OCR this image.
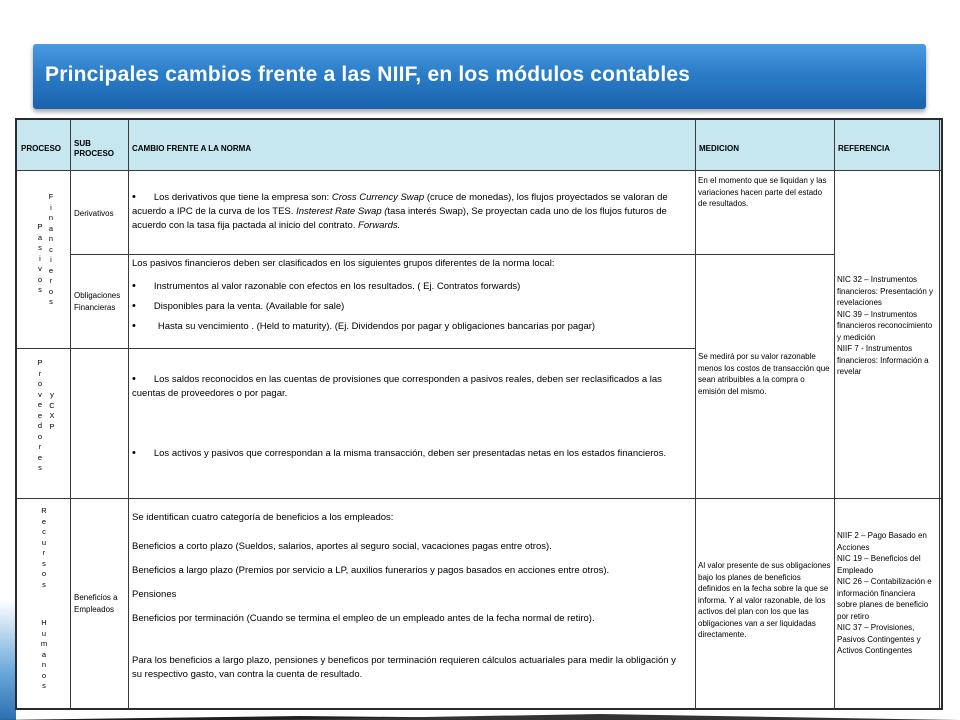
Principales cambios frente a las NIIF, en los módulos contables
PROCESO
SUB
PROCESO
CAMBIO FRENTE A LA NORMA	MEDICION	REFERENCIA
P
a
s
i
v
o
s
F
i
n
a
n
c
i
e
r
o
s
P
r
o
v
e
e
d
o
r
e
s
y
C
X
P
R
e
c
u
r
s
o
s
H
u
m
a
n
o
s
Derivativos
Obligaciones Financieras
Beneficios a Empleados
• Los derivativos que tiene la empresa son: Cross Currency Swap (cruce de monedas), los flujos proyectados se valoran de acuerdo a IPC de la curva de los TES. Insterest Rate Swap (tasa interés Swap), Se proyectan cada uno de los flujos futuros de acuerdo con la tasa fija pactada al inicio del contrato. Forwards.
Los pasivos financieros deben ser clasificados en los siguientes grupos diferentes de la norma local:
• Instrumentos al valor razonable con efectos en los resultados. ( Ej. Contratos forwards)
• Disponibles para la venta. (Available for sale)
• Hasta su vencimiento . (Held to maturity). (Ej. Dividendos por pagar y obligaciones bancarias por pagar)
• Los saldos reconocidos en las cuentas de provisiones que corresponden a pasivos reales, deben ser reclasificados a las cuentas de proveedores o por pagar.
• Los activos y pasivos que correspondan a la misma transacción, deben ser presentadas netas en los estados financieros.
Se identifican cuatro categoría de beneficios a los empleados:
Beneficios a corto plazo (Sueldos, salarios, aportes al seguro social, vacaciones pagas entre otros).
Beneficios a largo plazo (Premios por servicio a LP, auxilios funerarios y pagos basados en acciones entre otros).
Pensiones
Beneficios por terminación (Cuando se termina el empleo de un empleado antes de la fecha normal de retiro).
Para los beneficios a largo plazo, pensiones y beneficos por terminación requieren cálculos actuariales para medir la obligación y su respectivo gasto, van contra la cuenta de resultado.
En el momento que se liquidan y las variaciones hacen parte del estado de resultados.
Se medirá por su valor razonable menos los costos de transacción que sean atribuibles a la compra o emisión del mismo.
Al valor presente de sus obligaciones bajo los planes de beneficios definidos en la fecha sobre la que se informa. Y al valor razonable, de los activos del plan con los que las obligaciones van a ser liquidadas directamente.
NIC 32 – Instrumentos financieros: Presentación y revelaciones
NIC 39 – Instrumentos financieros reconocimiento y medición
NIIF 7 - Instrumentos financieros: Información a revelar
NIIF 2 – Pago Basado en Acciones
NIC 19 – Beneficios del Empleado
NIC 26 – Contabilización e información financiera sobre planes de beneficio por retiro
NIC 37 – Provisiones, Pasivos Contingentes y Activos Contingentes
